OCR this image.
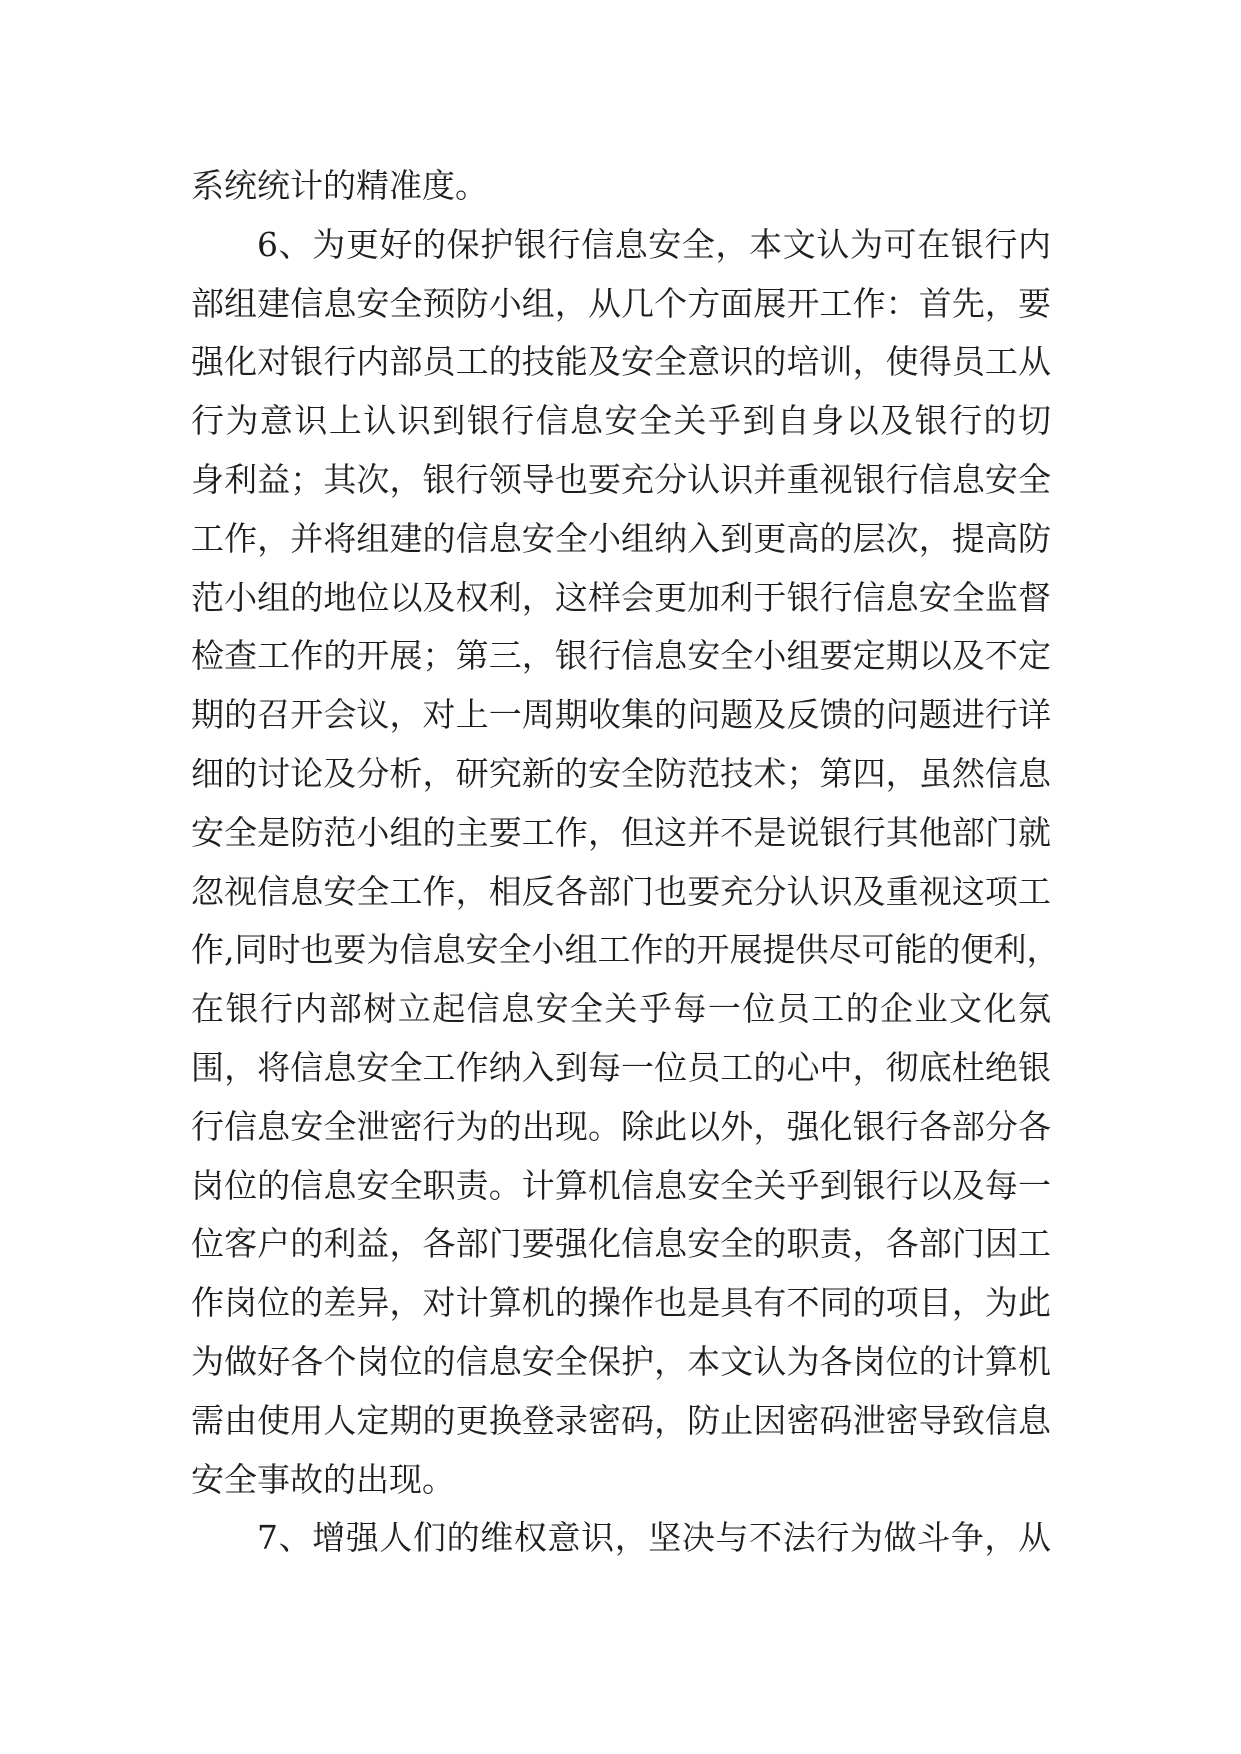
系统统计的精准度。
6、为更好的保护银行信息安全，本文认为可在银行内
部组建信息安全预防小组，从几个方面展开工作：首先，要
强化对银行内部员工的技能及安全意识的培训，使得员工从
行为意识上认识到银行信息安全关乎到自身以及银行的切
身利益；其次，银行领导也要充分认识并重视银行信息安全
工作，并将组建的信息安全小组纳入到更高的层次，提高防
范小组的地位以及权利，这样会更加利于银行信息安全监督
检查工作的开展；第三，银行信息安全小组要定期以及不定
期的召开会议，对上一周期收集的问题及反馈的问题进行详
细的讨论及分析，研究新的安全防范技术；第四，虽然信息
安全是防范小组的主要工作，但这并不是说银行其他部门就
忽视信息安全工作，相反各部门也要充分认识及重视这项工
作,同时也要为信息安全小组工作的开展提供尽可能的便利，
在银行内部树立起信息安全关乎每一位员工的企业文化氛
围，将信息安全工作纳入到每一位员工的心中，彻底杜绝银
行信息安全泄密行为的出现。除此以外，强化银行各部分各
岗位的信息安全职责。计算机信息安全关乎到银行以及每一
位客户的利益，各部门要强化信息安全的职责，各部门因工
作岗位的差异，对计算机的操作也是具有不同的项目，为此
为做好各个岗位的信息安全保护，本文认为各岗位的计算机
需由使用人定期的更换登录密码，防止因密码泄密导致信息
安全事故的出现。
7、增强人们的维权意识，坚决与不法行为做斗争，从
